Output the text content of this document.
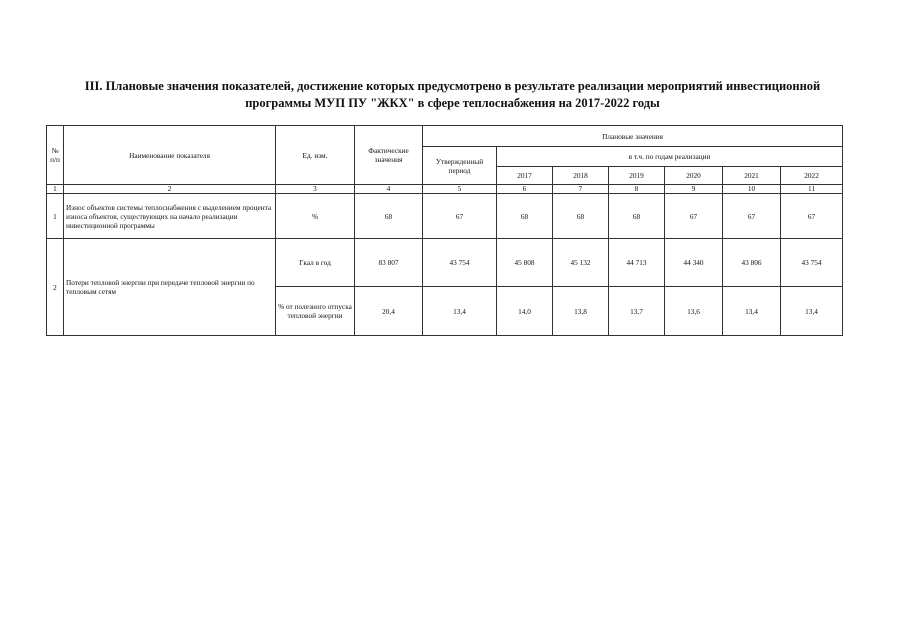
III. Плановые значения показателей, достижение которых предусмотрено в результате реализации мероприятий инвестиционной
программы МУП ПУ "ЖКХ" в сфере теплоснабжения на 2017-2022 годы
№ п/п	Наименование показателя	Ед. изм.	Фактические значения	Плановые значения						
				Утвержденный период	в т.ч. по годам реализации					
					2017	2018	2019	2020	2021	2022
1	2	3	4	5	6	7	8	9	10	11
1	Износ объектов системы теплоснабжения с выделением процента износа объектов, существующих на начало реализации инвестиционной программы	%	68	67	68	68	68	67	67	67
2	Потери тепловой энергии при передаче тепловой энергии по тепловым сетям	Гкал в год	83 807	43 754	45 808	45 132	44 713	44 340	43 806	43 754
		% от полезного отпуска тепловой энергии	20,4	13,4	14,0	13,8	13,7	13,6	13,4	13,4
